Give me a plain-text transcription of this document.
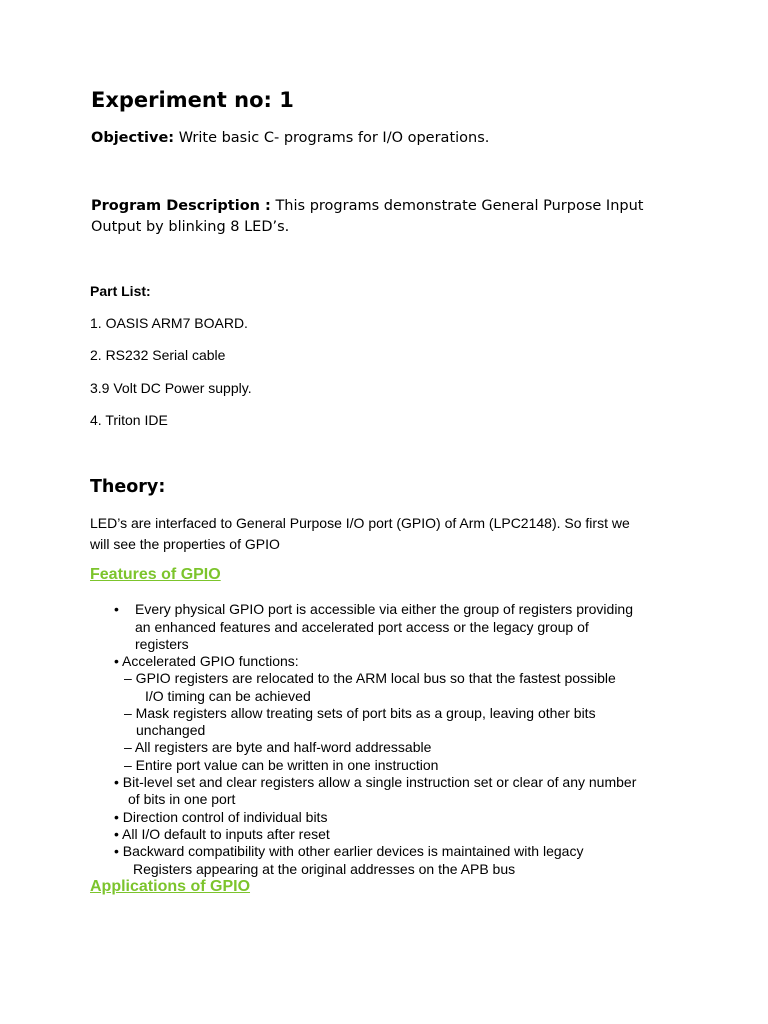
Experiment no: 1

Objective: Write basic C- programs for I/O operations.

Program Description : This programs demonstrate General Purpose Input
Output by blinking 8 LED’s.

Part List:

1. OASIS ARM7 BOARD.

2. RS232 Serial cable

3.9 Volt DC Power supply.

4. Triton IDE

Theory:
LED’s are interfaced to General Purpose I/O port (GPIO) of Arm (LPC2148). So first we
will see the properties of GPIO
Features of GPIO
• Every physical GPIO port is accessible via either the group of registers providing

an enhanced features and accelerated port access or the legacy group of

registers

• Accelerated GPIO functions:

– GPIO registers are relocated to the ARM local bus so that the fastest possible

I/O timing can be achieved

– Mask registers allow treating sets of port bits as a group, leaving other bits

unchanged

– All registers are byte and half-word addressable

– Entire port value can be written in one instruction

• Bit-level set and clear registers allow a single instruction set or clear of any number

of bits in one port

• Direction control of individual bits

• All I/O default to inputs after reset

• Backward compatibility with other earlier devices is maintained with legacy

Registers appearing at the original addresses on the APB bus

Applications of GPIO
